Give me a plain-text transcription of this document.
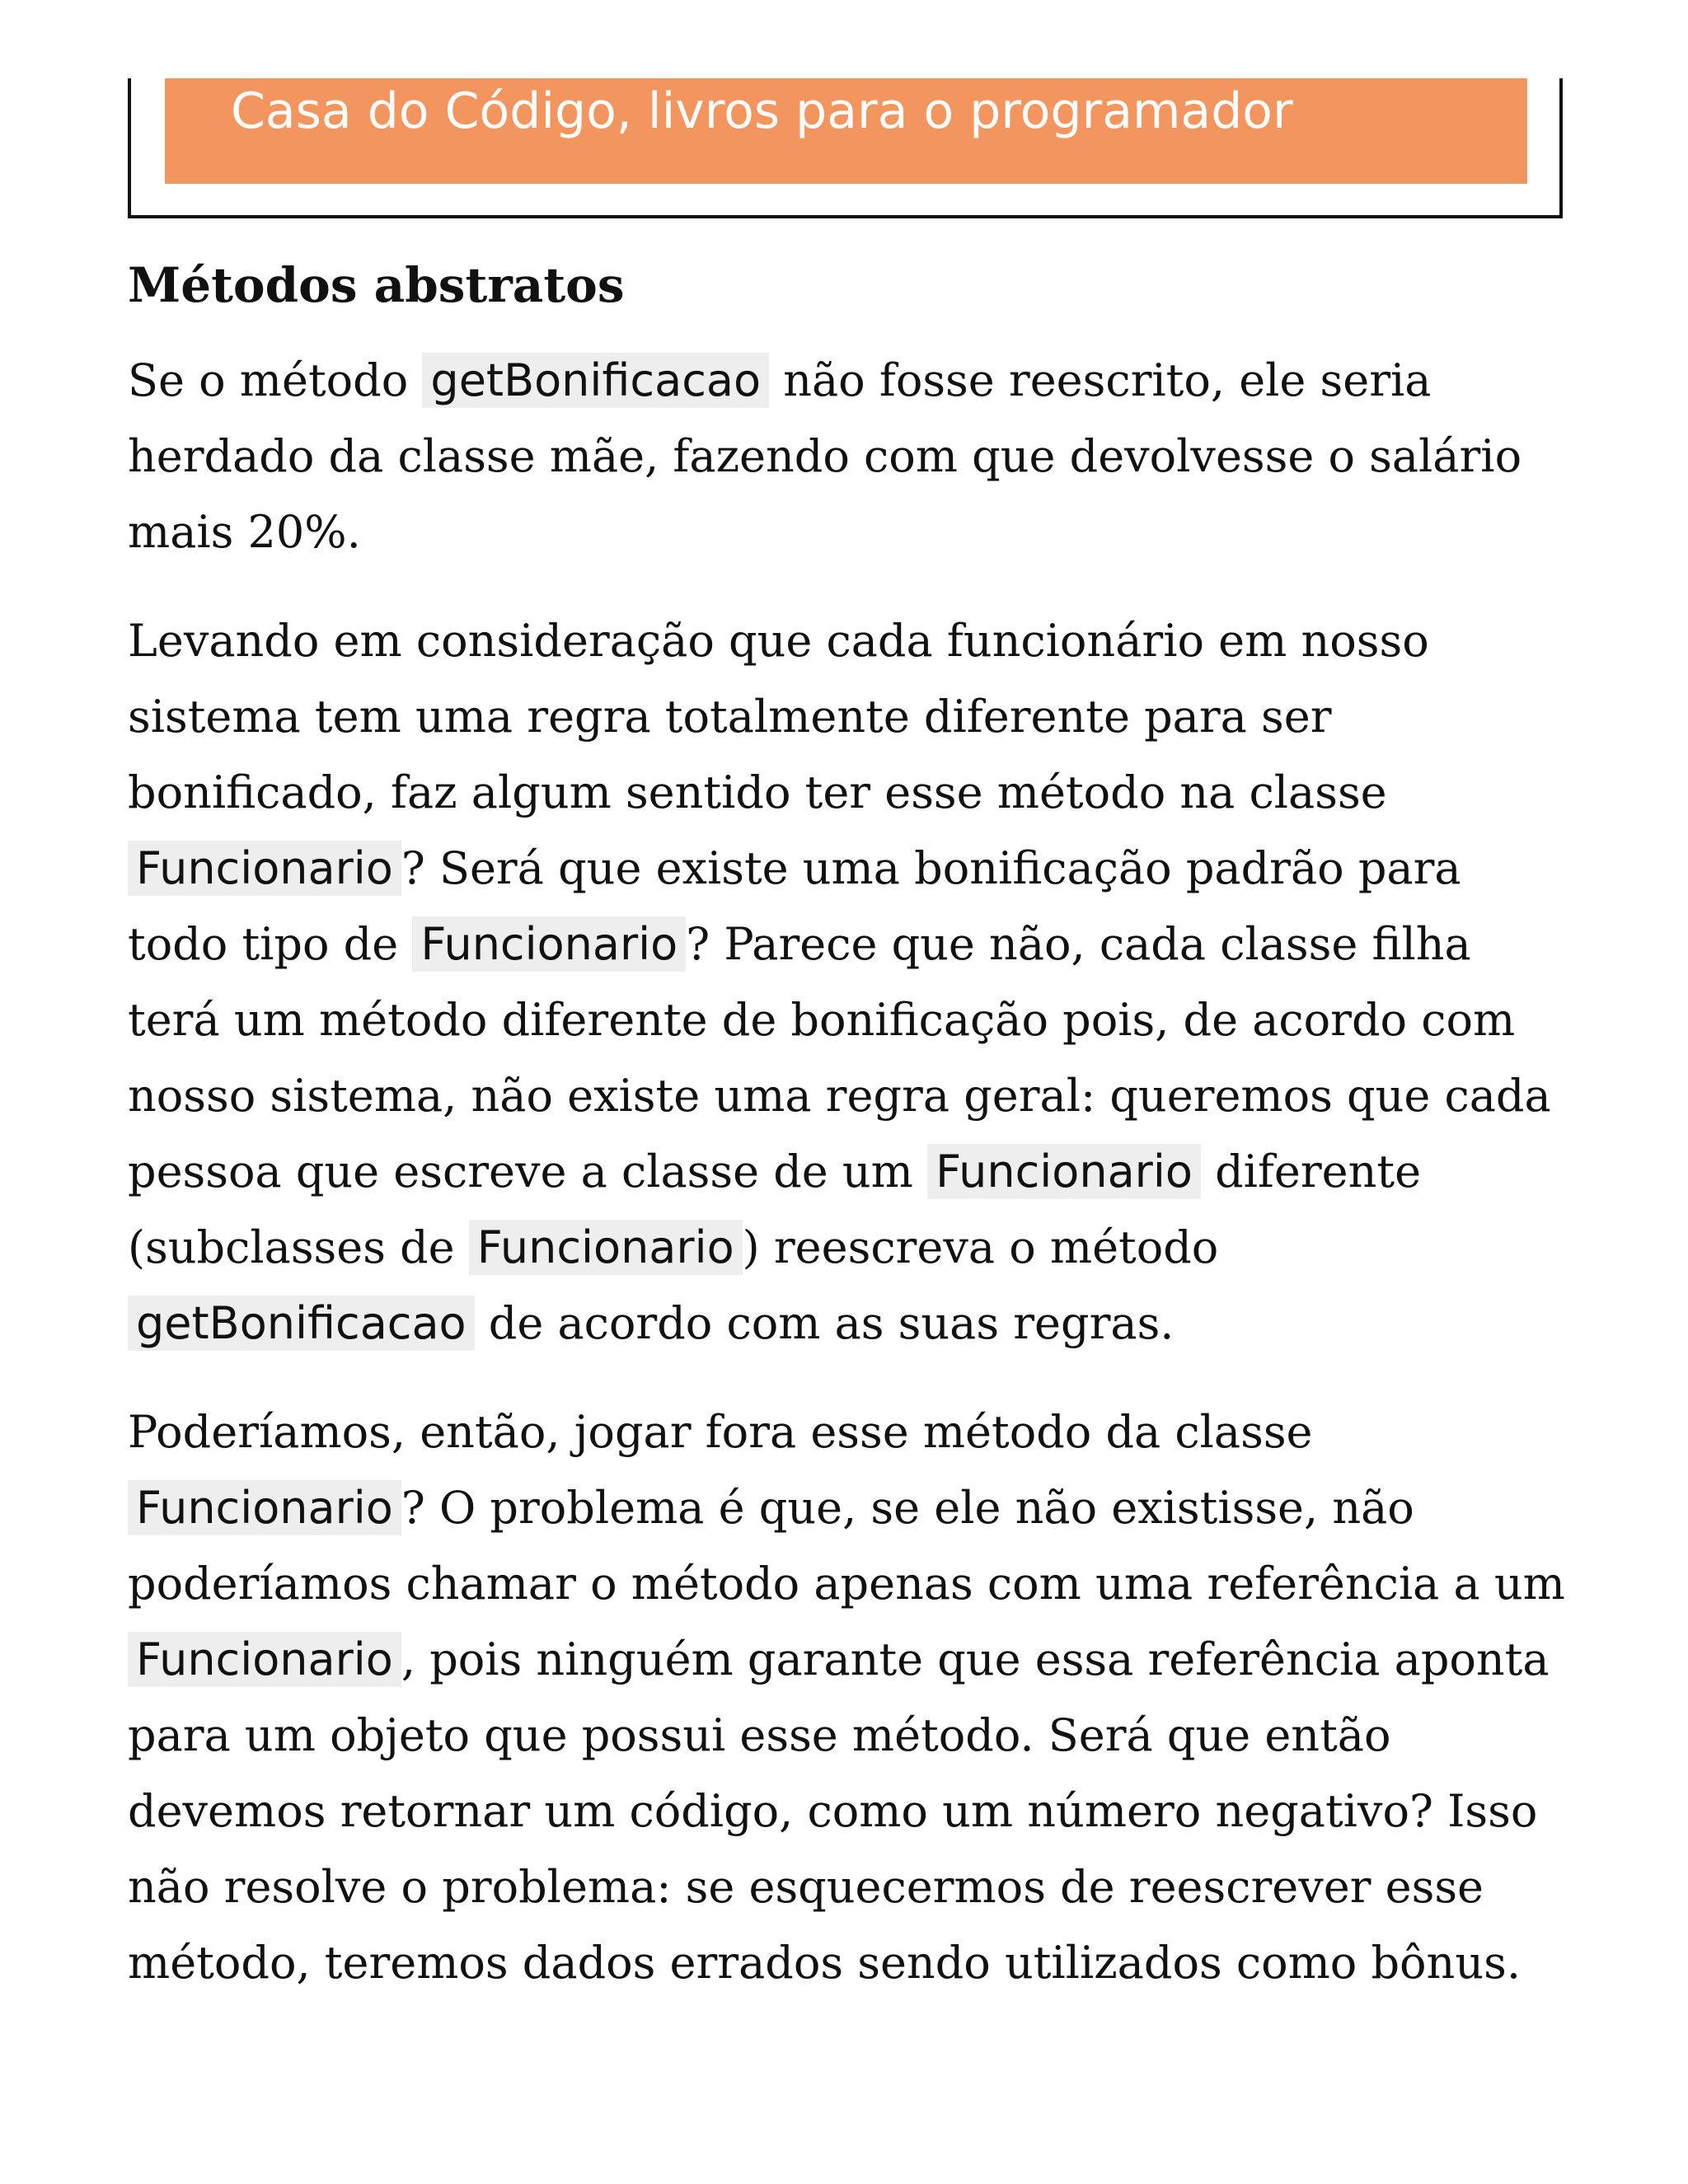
Casa do Código, livros para o programador
Métodos abstratos

Se o método getBonificacao não fosse reescrito, ele seria herdado da classe mãe, fazendo com que devolvesse o salário mais 20%.

Levando em consideração que cada funcionário em nosso sistema tem uma regra totalmente diferente para ser bonificado, faz algum sentido ter esse método na classe Funcionario ? Será que existe uma bonificação padrão para todo tipo de Funcionario ? Parece que não, cada classe filha terá um método diferente de bonificação pois, de acordo com nosso sistema, não existe uma regra geral: queremos que cada pessoa que escreve a classe de um Funcionario diferente (subclasses de Funcionario ) reescreva o método getBonificacao de acordo com as suas regras.

Poderíamos, então, jogar fora esse método da classe Funcionario ? O problema é que, se ele não existisse, não poderíamos chamar o método apenas com uma referência a um Funcionario , pois ninguém garante que essa referência aponta para um objeto que possui esse método. Será que então devemos retornar um código, como um número negativo? Isso não resolve o problema: se esquecermos de reescrever esse método, teremos dados errados sendo utilizados como bônus.
